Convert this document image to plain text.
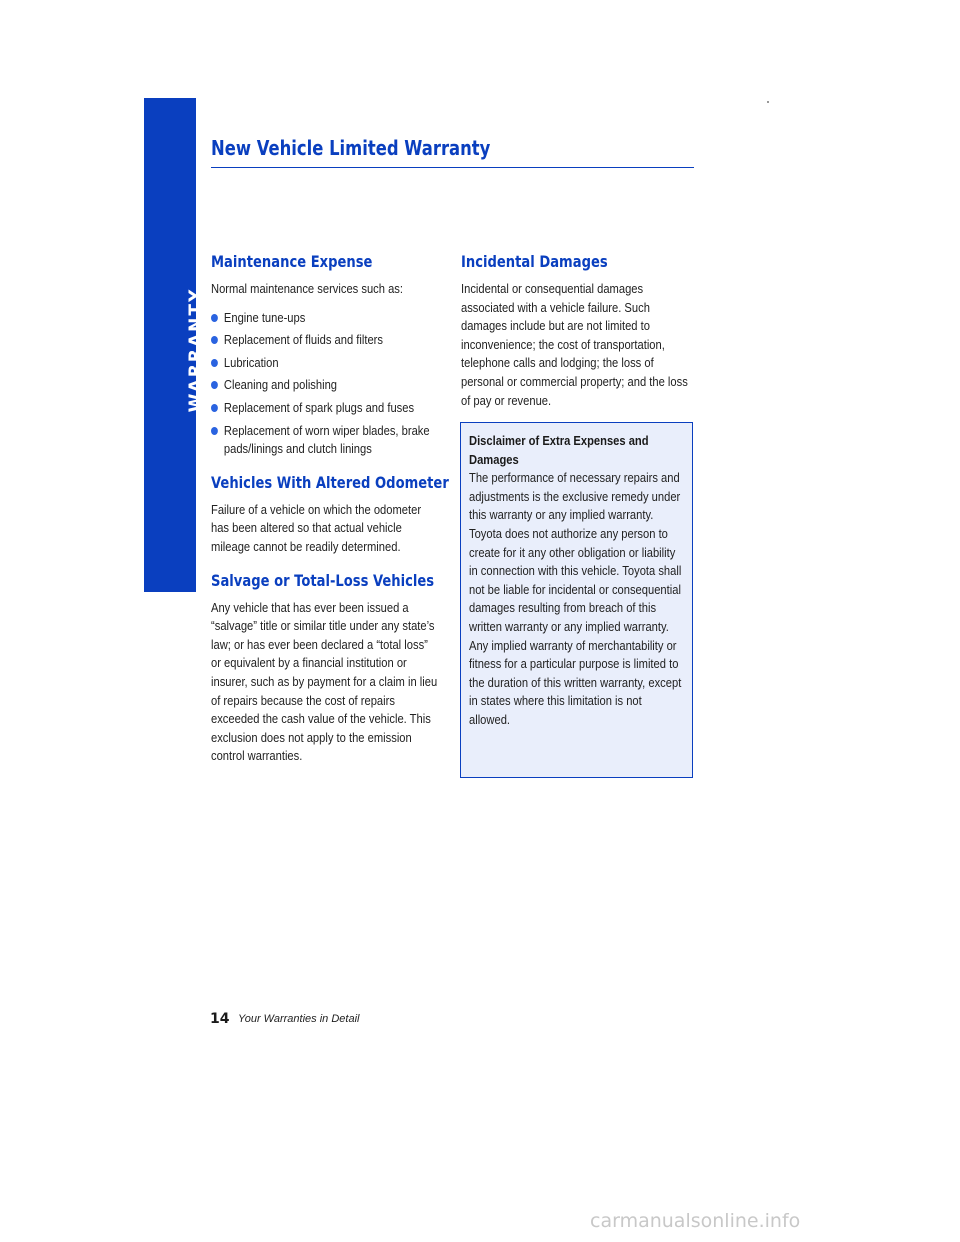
WARRANTY
New Vehicle Limited Warranty
Maintenance Expense

Normal maintenance services such as:

Engine tune-ups
Replacement of fluids and filters
Lubrication
Cleaning and polishing
Replacement of spark plugs and fuses
Replacement of worn wiper blades, brake pads/linings and clutch linings
Vehicles With Altered Odometer

Failure of a vehicle on which the odometer has been altered so that actual vehicle mileage cannot be readily determined.

Salvage or Total-Loss Vehicles

Any vehicle that has ever been issued a “salvage” title or similar title under any state’s law; or has ever been declared a “total loss” or equivalent by a financial institution or insurer, such as by payment for a claim in lieu of repairs because the cost of repairs exceeded the cash value of the vehicle. This exclusion does not apply to the emission control warranties.

Incidental Damages

Incidental or consequential damages associated with a vehicle failure. Such damages include but are not limited to inconvenience; the cost of transportation, telephone calls and lodging; the loss of personal or commercial property; and the loss of pay or revenue.

Disclaimer of Extra Expenses and Damages

The performance of necessary repairs and adjustments is the exclusive remedy under this warranty or any implied warranty. Toyota does not authorize any person to create for it any other obligation or liability in connection with this vehicle. Toyota shall not be liable for incidental or consequential damages resulting from breach of this written warranty or any implied warranty. Any implied warranty of merchantability or fitness for a particular purpose is limited to the duration of this written warranty, except in states where this limitation is not allowed.

14 Your Warranties in Detail
carmanualsonline.info
